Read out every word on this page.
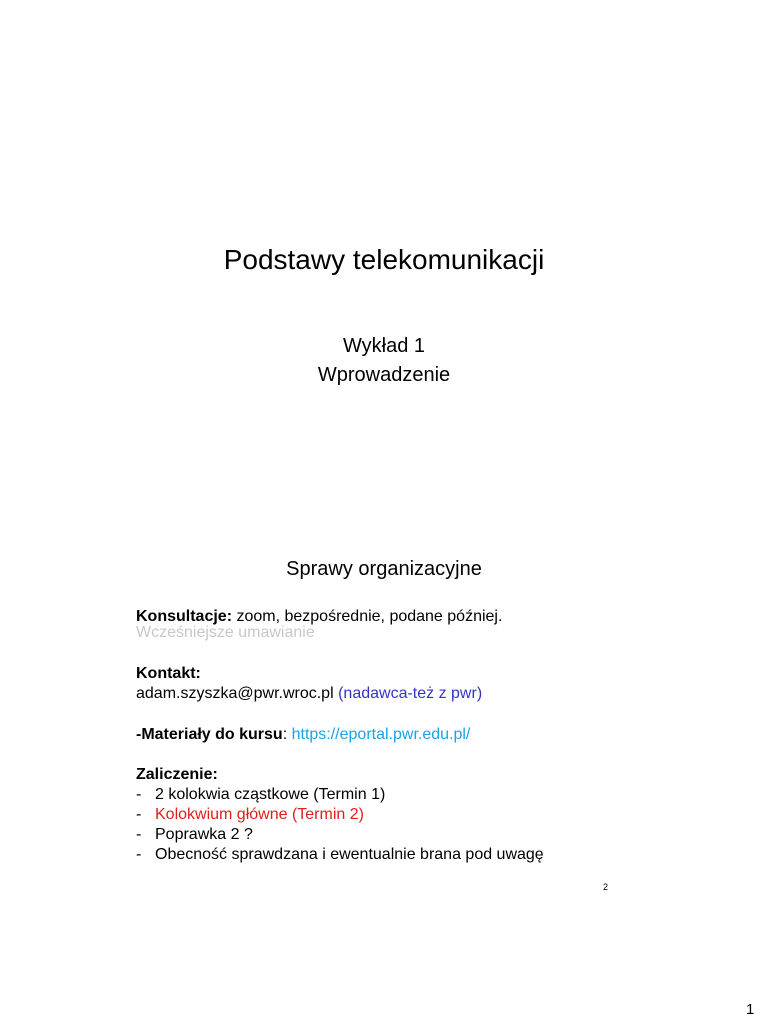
Podstawy telekomunikacji
Wykład 1
Wprowadzenie
Sprawy organizacyjne
Konsultacje: zoom, bezpośrednie, podane później.
Wcześniejsze umawianie
Kontakt:
adam.szyszka@pwr.wroc.pl (nadawca-też z pwr)
-Materiały do kursu: https://eportal.pwr.edu.pl/
Zaliczenie:
- 2 kolokwia cząstkowe (Termin 1)
- Kolokwium główne (Termin 2)
- Poprawka 2 ?
- Obecność sprawdzana i ewentualnie brana pod uwagę
2
1
